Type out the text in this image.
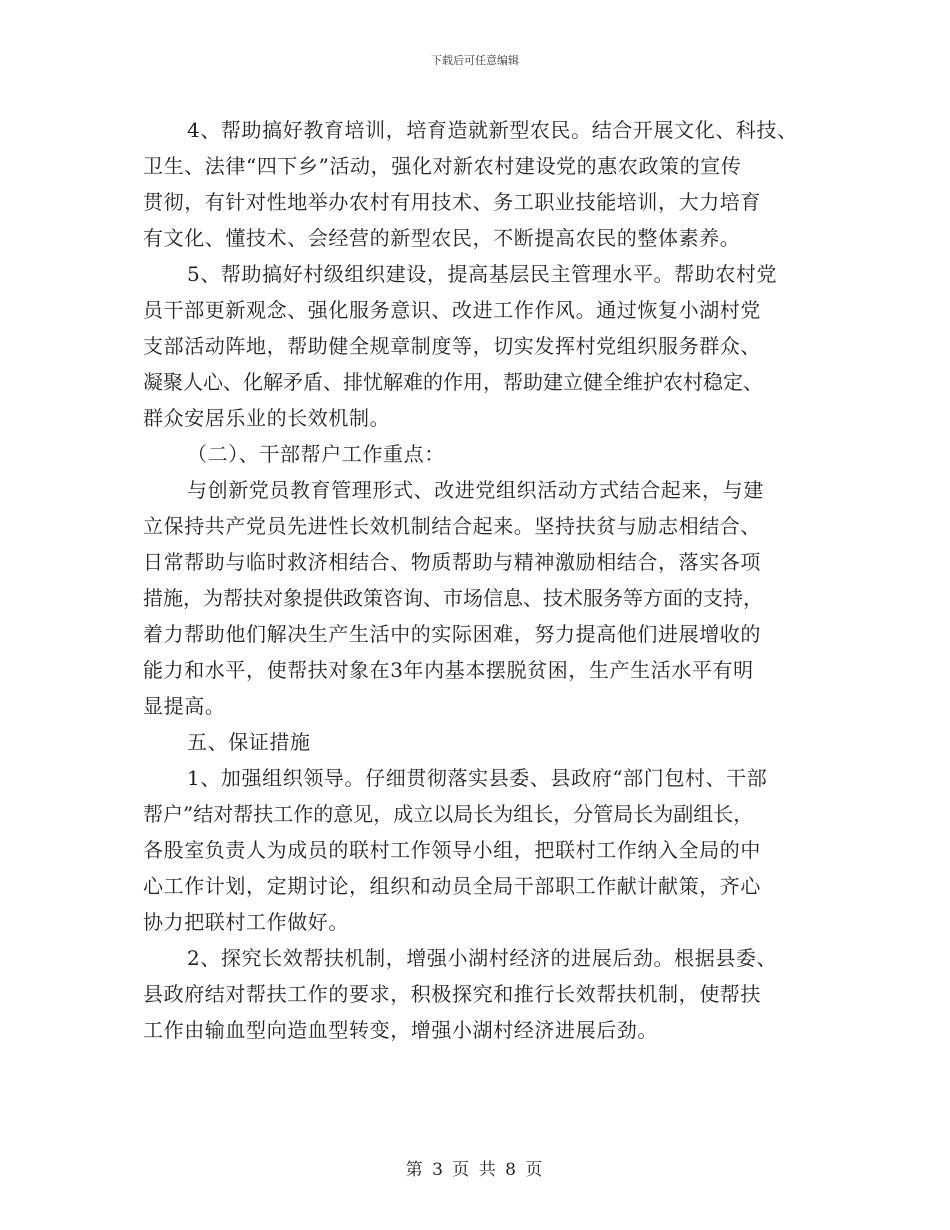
下载后可任意编辑
4、帮助搞好教育培训，培育造就新型农民。结合开展文化、科技、
卫生、法律“四下乡”活动，强化对新农村建设党的惠农政策的宣传
贯彻，有针对性地举办农村有用技术、务工职业技能培训，大力培育
有文化、懂技术、会经营的新型农民，不断提高农民的整体素养。
5、帮助搞好村级组织建设，提高基层民主管理水平。帮助农村党
员干部更新观念、强化服务意识、改进工作作风。通过恢复小湖村党
支部活动阵地，帮助健全规章制度等，切实发挥村党组织服务群众、
凝聚人心、化解矛盾、排忧解难的作用，帮助建立健全维护农村稳定、
群众安居乐业的长效机制。
（二）、干部帮户工作重点：
与创新党员教育管理形式、改进党组织活动方式结合起来，与建
立保持共产党员先进性长效机制结合起来。坚持扶贫与励志相结合、
日常帮助与临时救济相结合、物质帮助与精神激励相结合，落实各项
措施，为帮扶对象提供政策咨询、市场信息、技术服务等方面的支持，
着力帮助他们解决生产生活中的实际困难，努力提高他们进展增收的
能力和水平，使帮扶对象在3年内基本摆脱贫困，生产生活水平有明
显提高。
五、保证措施
1、加强组织领导。仔细贯彻落实县委、县政府“部门包村、干部
帮户”结对帮扶工作的意见，成立以局长为组长，分管局长为副组长，
各股室负责人为成员的联村工作领导小组，把联村工作纳入全局的中
心工作计划，定期讨论，组织和动员全局干部职工作献计献策，齐心
协力把联村工作做好。
2、探究长效帮扶机制，增强小湖村经济的进展后劲。根据县委、
县政府结对帮扶工作的要求，积极探究和推行长效帮扶机制，使帮扶
工作由输血型向造血型转变，增强小湖村经济进展后劲。
第 3 页 共 8 页
